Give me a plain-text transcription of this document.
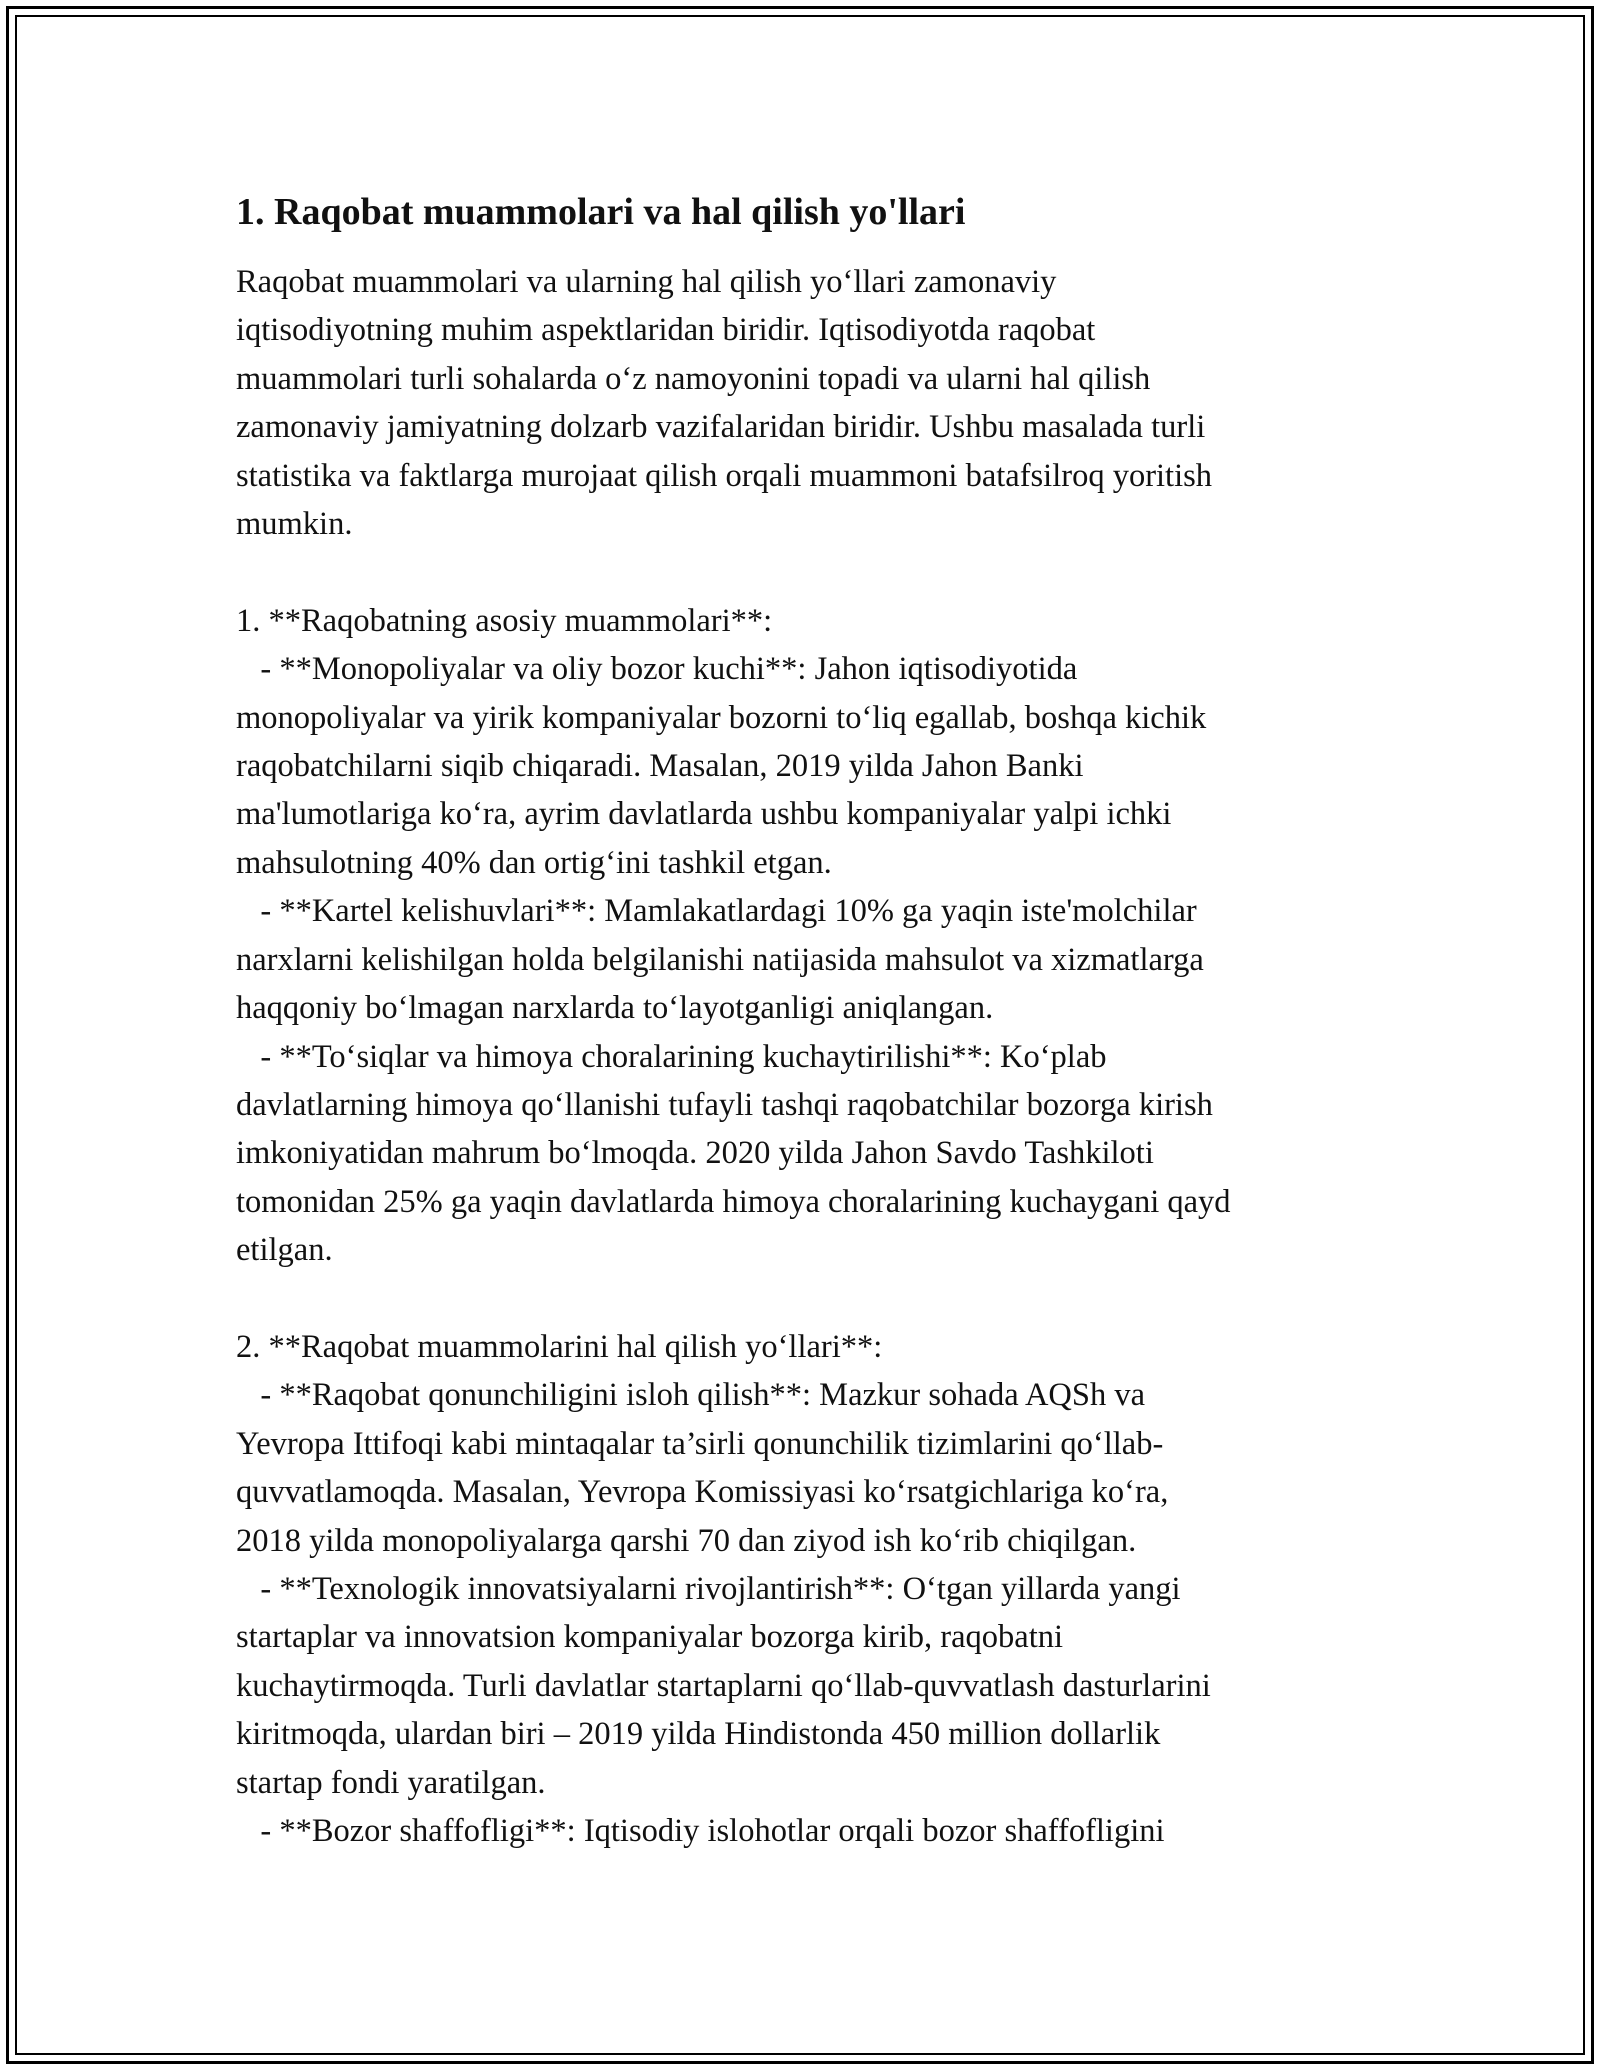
1. Raqobat muammolari va hal qilish yo'llari

Raqobat muammolari va ularning hal qilish yo‘llari zamonaviy
iqtisodiyotning muhim aspektlaridan biridir. Iqtisodiyotda raqobat
muammolari turli sohalarda o‘z namoyonini topadi va ularni hal qilish
zamonaviy jamiyatning dolzarb vazifalaridan biridir. Ushbu masalada turli
statistika va faktlarga murojaat qilish orqali muammoni batafsilroq yoritish
mumkin.

1. **Raqobatning asosiy muammolari**:

- **Monopoliyalar va oliy bozor kuchi**: Jahon iqtisodiyotida
monopoliyalar va yirik kompaniyalar bozorni to‘liq egallab, boshqa kichik
raqobatchilarni siqib chiqaradi. Masalan, 2019 yilda Jahon Banki
ma'lumotlariga ko‘ra, ayrim davlatlarda ushbu kompaniyalar yalpi ichki
mahsulotning 40% dan ortig‘ini tashkil etgan.

- **Kartel kelishuvlari**: Mamlakatlardagi 10% ga yaqin iste'molchilar
narxlarni kelishilgan holda belgilanishi natijasida mahsulot va xizmatlarga
haqqoniy bo‘lmagan narxlarda to‘layotganligi aniqlangan.

- **To‘siqlar va himoya choralarining kuchaytirilishi**: Ko‘plab
davlatlarning himoya qo‘llanishi tufayli tashqi raqobatchilar bozorga kirish
imkoniyatidan mahrum bo‘lmoqda. 2020 yilda Jahon Savdo Tashkiloti
tomonidan 25% ga yaqin davlatlarda himoya choralarining kuchaygani qayd
etilgan.

2. **Raqobat muammolarini hal qilish yo‘llari**:

- **Raqobat qonunchiligini isloh qilish**: Mazkur sohada AQSh va
Yevropa Ittifoqi kabi mintaqalar ta’sirli qonunchilik tizimlarini qo‘llab-
quvvatlamoqda. Masalan, Yevropa Komissiyasi ko‘rsatgichlariga ko‘ra,
2018 yilda monopoliyalarga qarshi 70 dan ziyod ish ko‘rib chiqilgan.

- **Texnologik innovatsiyalarni rivojlantirish**: O‘tgan yillarda yangi
startaplar va innovatsion kompaniyalar bozorga kirib, raqobatni
kuchaytirmoqda. Turli davlatlar startaplarni qo‘llab-quvvatlash dasturlarini
kiritmoqda, ulardan biri – 2019 yilda Hindistonda 450 million dollarlik
startap fondi yaratilgan.

- **Bozor shaffofligi**: Iqtisodiy islohotlar orqali bozor shaffofligini
